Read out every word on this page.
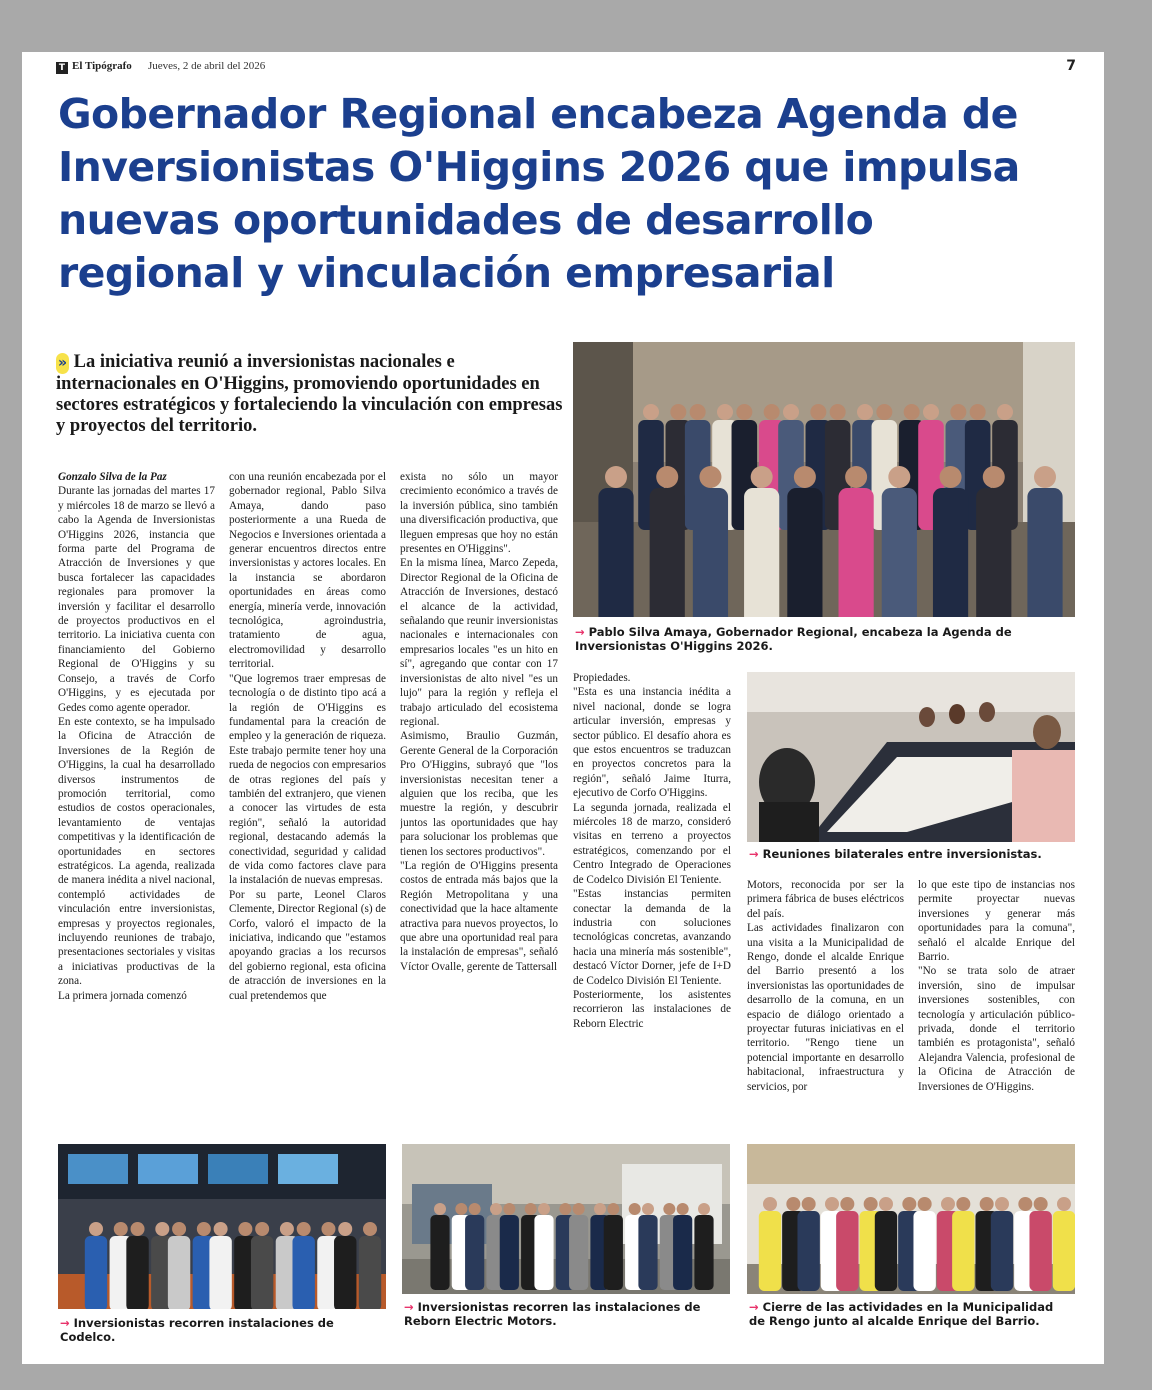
T El Tipógrafo Jueves, 2 de abril del 2026	7
Gobernador Regional encabeza Agenda de Inversionistas O'Higgins 2026 que impulsa nuevas oportunidades de desarrollo regional y vinculación empresarial
» La iniciativa reunió a inversionistas nacionales e internacionales en O'Higgins, promoviendo oportunidades en sectores estratégicos y fortaleciendo la vinculación con empresas y proyectos del territorio.
→ Pablo Silva Amaya, Gobernador Regional, encabeza la Agenda de Inversionistas O'Higgins 2026.
→ Reuniones bilaterales entre inversionistas.

Gonzalo Silva de la Paz

Durante las jornadas del martes 17 y miércoles 18 de marzo se llevó a cabo la Agenda de Inversionistas O'Higgins 2026, instancia que forma parte del Programa de Atracción de Inversiones y que busca fortalecer las capacidades regionales para promover la inversión y facilitar el desarrollo de proyectos productivos en el territorio. La iniciativa cuenta con financiamiento del Gobierno Regional de O'Higgins y su Consejo, a través de Corfo O'Higgins, y es ejecutada por Gedes como agente operador.

En este contexto, se ha impulsado la Oficina de Atracción de Inversiones de la Región de O'Higgins, la cual ha desarrollado diversos instrumentos de promoción territorial, como estudios de costos operacionales, levantamiento de ventajas competitivas y la identificación de oportunidades en sectores estratégicos. La agenda, realizada de manera inédita a nivel nacional, contempló actividades de vinculación entre inversionistas, empresas y proyectos regionales, incluyendo reuniones de trabajo, presentaciones sectoriales y visitas a iniciativas productivas de la zona.

La primera jornada comenzó

con una reunión encabezada por el gobernador regional, Pablo Silva Amaya, dando paso posteriormente a una Rueda de Negocios e Inversiones orientada a generar encuentros directos entre inversionistas y actores locales. En la instancia se abordaron oportunidades en áreas como energía, minería verde, innovación tecnológica, agroindustria, tratamiento de agua, electromovilidad y desarrollo territorial.

"Que logremos traer empresas de tecnología o de distinto tipo acá a la región de O'Higgins es fundamental para la creación de empleo y la generación de riqueza. Este trabajo permite tener hoy una rueda de negocios con empresarios de otras regiones del país y también del extranjero, que vienen a conocer las virtudes de esta región", señaló la autoridad regional, destacando además la conectividad, seguridad y calidad de vida como factores clave para la instalación de nuevas empresas.

Por su parte, Leonel Claros Clemente, Director Regional (s) de Corfo, valoró el impacto de la iniciativa, indicando que "estamos apoyando gracias a los recursos del gobierno regional, esta oficina de atracción de inversiones en la cual pretendemos que

exista no sólo un mayor crecimiento económico a través de la inversión pública, sino también una diversificación productiva, que lleguen empresas que hoy no están presentes en O'Higgins".

En la misma línea, Marco Zepeda, Director Regional de la Oficina de Atracción de Inversiones, destacó el alcance de la actividad, señalando que reunir inversionistas nacionales e internacionales con empresarios locales "es un hito en sí", agregando que contar con 17 inversionistas de alto nivel "es un lujo" para la región y refleja el trabajo articulado del ecosistema regional.

Asimismo, Braulio Guzmán, Gerente General de la Corporación Pro O'Higgins, subrayó que "los inversionistas necesitan tener a alguien que los reciba, que les muestre la región, y descubrir juntos las oportunidades que hay para solucionar los problemas que tienen los sectores productivos".

"La región de O'Higgins presenta costos de entrada más bajos que la Región Metropolitana y una conectividad que la hace altamente atractiva para nuevos proyectos, lo que abre una oportunidad real para la instalación de empresas", señaló Víctor Ovalle, gerente de Tattersall

Propiedades.

"Esta es una instancia inédita a nivel nacional, donde se logra articular inversión, empresas y sector público. El desafío ahora es que estos encuentros se traduzcan en proyectos concretos para la región", señaló Jaime Iturra, ejecutivo de Corfo O'Higgins.

La segunda jornada, realizada el miércoles 18 de marzo, consideró visitas en terreno a proyectos estratégicos, comenzando por el Centro Integrado de Operaciones de Codelco División El Teniente.

"Estas instancias permiten conectar la demanda de la industria con soluciones tecnológicas concretas, avanzando hacia una minería más sostenible", destacó Víctor Dorner, jefe de I+D de Codelco División El Teniente.

Posteriormente, los asistentes recorrieron las instalaciones de Reborn Electric

Motors, reconocida por ser la primera fábrica de buses eléctricos del país.

Las actividades finalizaron con una visita a la Municipalidad de Rengo, donde el alcalde Enrique del Barrio presentó a los inversionistas las oportunidades de desarrollo de la comuna, en un espacio de diálogo orientado a proyectar futuras iniciativas en el territorio. "Rengo tiene un potencial importante en desarrollo habitacional, infraestructura y servicios, por

lo que este tipo de instancias nos permite proyectar nuevas inversiones y generar más oportunidades para la comuna", señaló el alcalde Enrique del Barrio.

"No se trata solo de atraer inversión, sino de impulsar inversiones sostenibles, con tecnología y articulación público-privada, donde el territorio también es protagonista", señaló Alejandra Valencia, profesional de la Oficina de Atracción de Inversiones de O'Higgins.

→ Inversionistas recorren instalaciones de Codelco.
→ Inversionistas recorren las instalaciones de Reborn Electric Motors.
→ Cierre de las actividades en la Municipalidad de Rengo junto al alcalde Enrique del Barrio.
